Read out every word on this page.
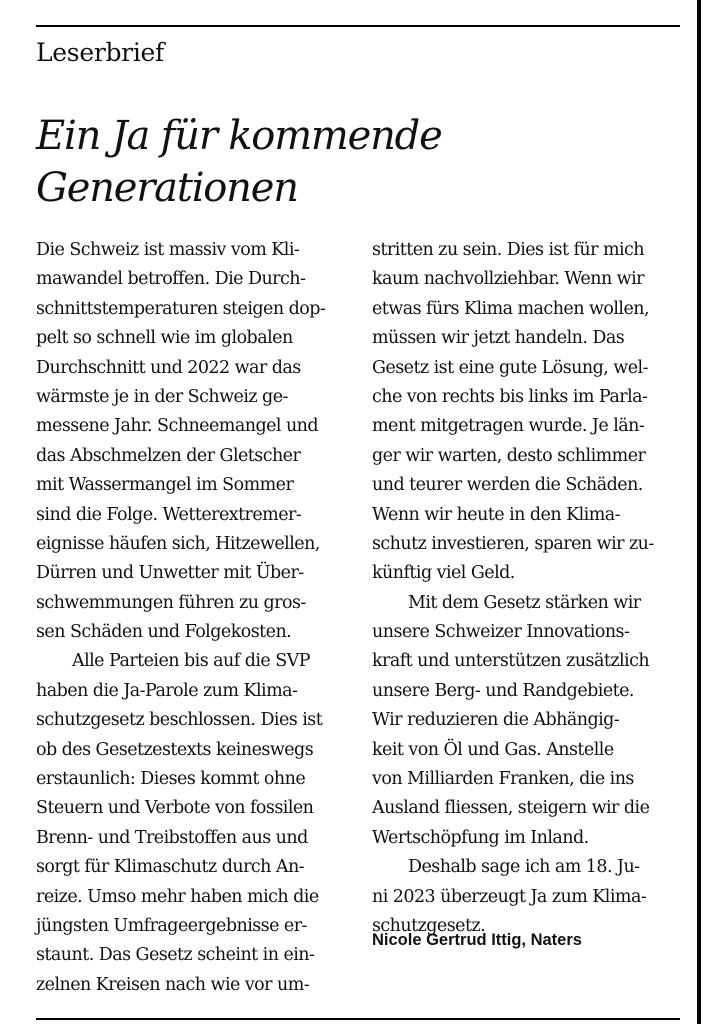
Leserbrief
Ein Ja für kommende
Generationen
Die Schweiz ist massiv vom Kli-
mawandel betroffen. Die Durch-
schnittstemperaturen steigen dop-
pelt so schnell wie im globalen
Durchschnitt und 2022 war das
wärmste je in der Schweiz ge-
messene Jahr. Schneemangel und
das Abschmelzen der Gletscher
mit Wassermangel im Sommer
sind die Folge. Wetterextremer-
eignisse häufen sich, Hitzewellen,
Dürren und Unwetter mit Über-
schwemmungen führen zu gros-
sen Schäden und Folgekosten.
Alle Parteien bis auf die SVP
haben die Ja-Parole zum Klima-
schutzgesetz beschlossen. Dies ist
ob des Gesetzestexts keineswegs
erstaunlich: Dieses kommt ohne
Steuern und Verbote von fossilen
Brenn- und Treibstoffen aus und
sorgt für Klimaschutz durch An-
reize. Umso mehr haben mich die
jüngsten Umfrageergebnisse er-
staunt. Das Gesetz scheint in ein-
zelnen Kreisen nach wie vor um-
stritten zu sein. Dies ist für mich
kaum nachvollziehbar. Wenn wir
etwas fürs Klima machen wollen,
müssen wir jetzt handeln. Das
Gesetz ist eine gute Lösung, wel-
che von rechts bis links im Parla-
ment mitgetragen wurde. Je län-
ger wir warten, desto schlimmer
und teurer werden die Schäden.
Wenn wir heute in den Klima-
schutz investieren, sparen wir zu-
künftig viel Geld.
Mit dem Gesetz stärken wir
unsere Schweizer Innovations-
kraft und unterstützen zusätzlich
unsere Berg- und Randgebiete.
Wir reduzieren die Abhängig-
keit von Öl und Gas. Anstelle
von Milliarden Franken, die ins
Ausland fliessen, steigern wir die
Wertschöpfung im Inland.
Deshalb sage ich am 18. Ju-
ni 2023 überzeugt Ja zum Klima-
schutzgesetz.
Nicole Gertrud Ittig, Naters
